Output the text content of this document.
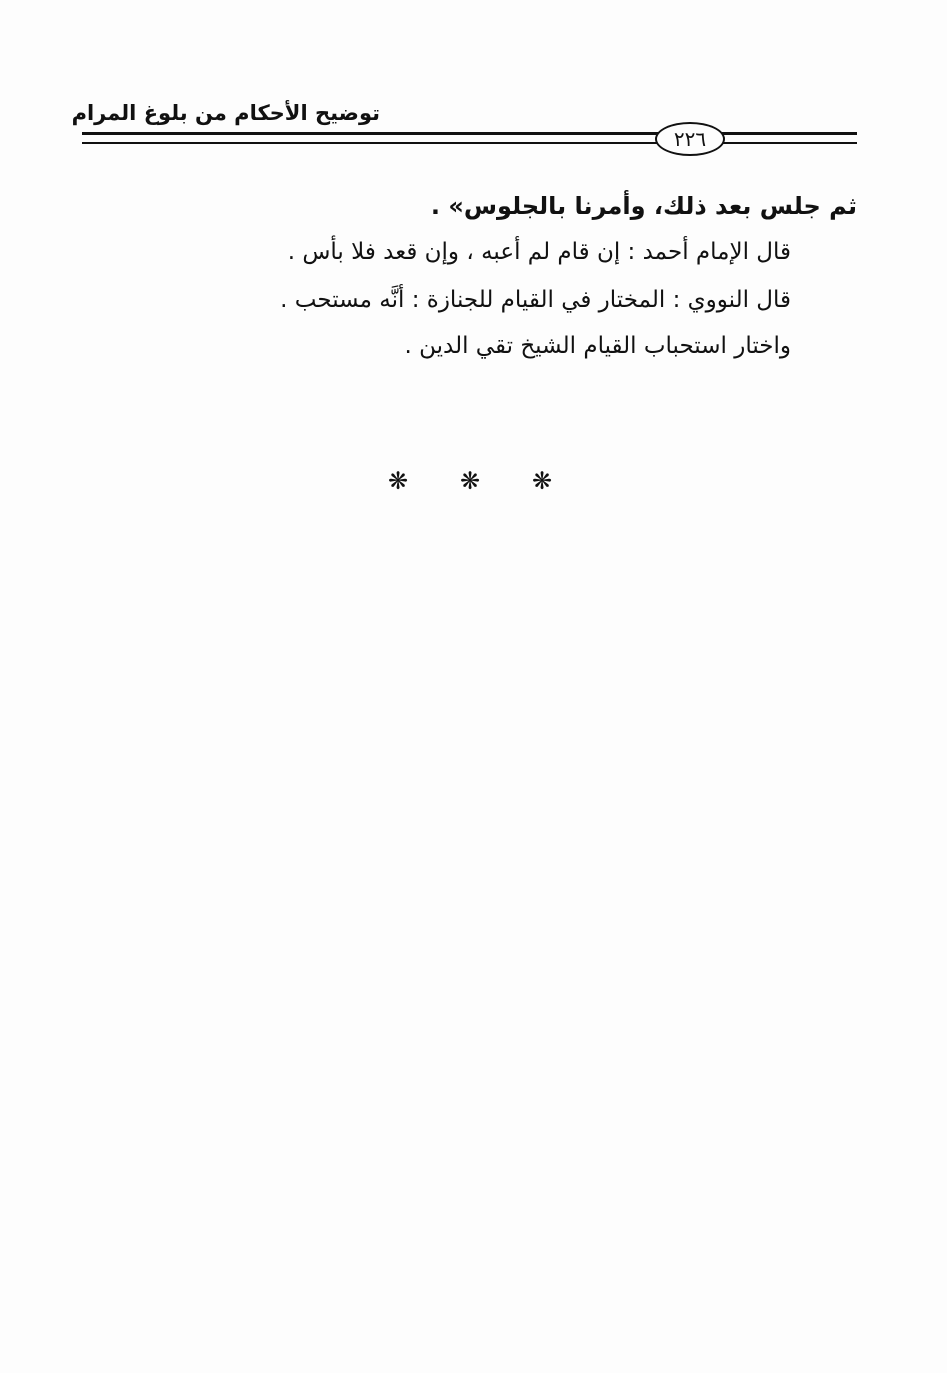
توضيح الأحكام من بلوغ المرام
٢٢٦
ثم جلس بعد ذلك، وأمرنا بالجلوس» .
قال الإمام أحمد : إن قام لم أعبه ، وإن قعد فلا بأس .
قال النووي : المختار في القيام للجنازة : أنَّه مستحب .
واختار استحباب القيام الشيخ تقي الدين .
❋	❋	❋
